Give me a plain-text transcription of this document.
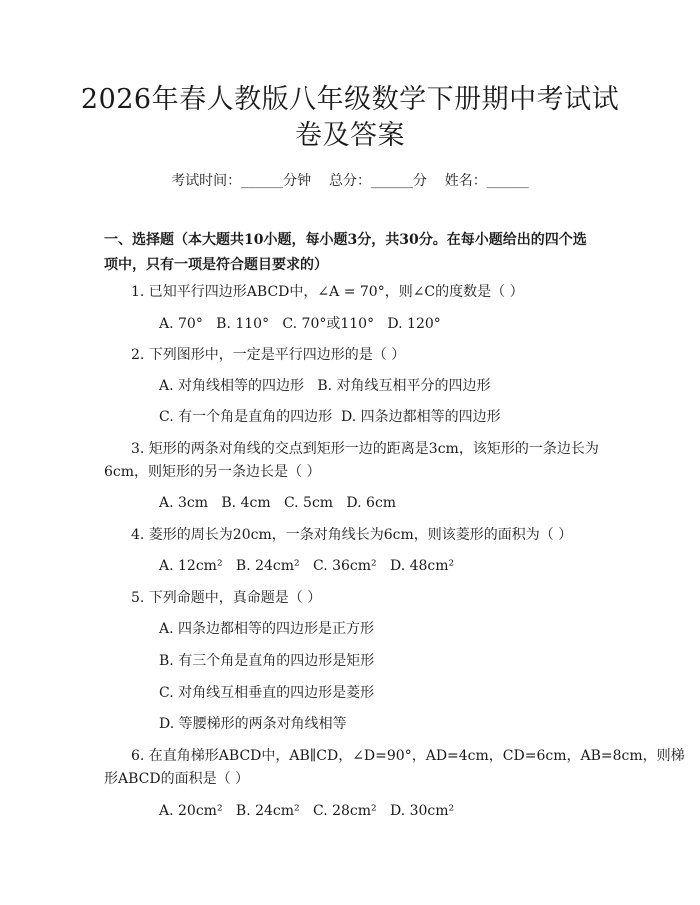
2026年春人教版八年级数学下册期中考试试
卷及答案
考试时间：______分钟    总分：______分    姓名：______
一、选择题（本大题共10小题，每小题3分，共30分。在每小题给出的四个选项中，只有一项是符合题目要求的）
1. 已知平行四边形ABCD中，∠A = 70°，则∠C的度数是（ ）
A. 70°   B. 110°   C. 70°或110°   D. 120°
2. 下列图形中，一定是平行四边形的是（ ）
A. 对角线相等的四边形   B. 对角线互相平分的四边形
C. 有一个角是直角的四边形  D. 四条边都相等的四边形
3. 矩形的两条对角线的交点到矩形一边的距离是3cm，该矩形的一条边长为
6cm，则矩形的另一条边长是（ ）
A. 3cm   B. 4cm   C. 5cm   D. 6cm
4. 菱形的周长为20cm，一条对角线长为6cm，则该菱形的面积为（ ）
A. 12cm²   B. 24cm²   C. 36cm²   D. 48cm²
5. 下列命题中，真命题是（ ）
A. 四条边都相等的四边形是正方形
B. 有三个角是直角的四边形是矩形
C. 对角线互相垂直的四边形是菱形
D. 等腰梯形的两条对角线相等
6. 在直角梯形ABCD中，AB∥CD，∠D=90°，AD=4cm，CD=6cm，AB=8cm，则梯
形ABCD的面积是（ ）
A. 20cm²   B. 24cm²   C. 28cm²   D. 30cm²
